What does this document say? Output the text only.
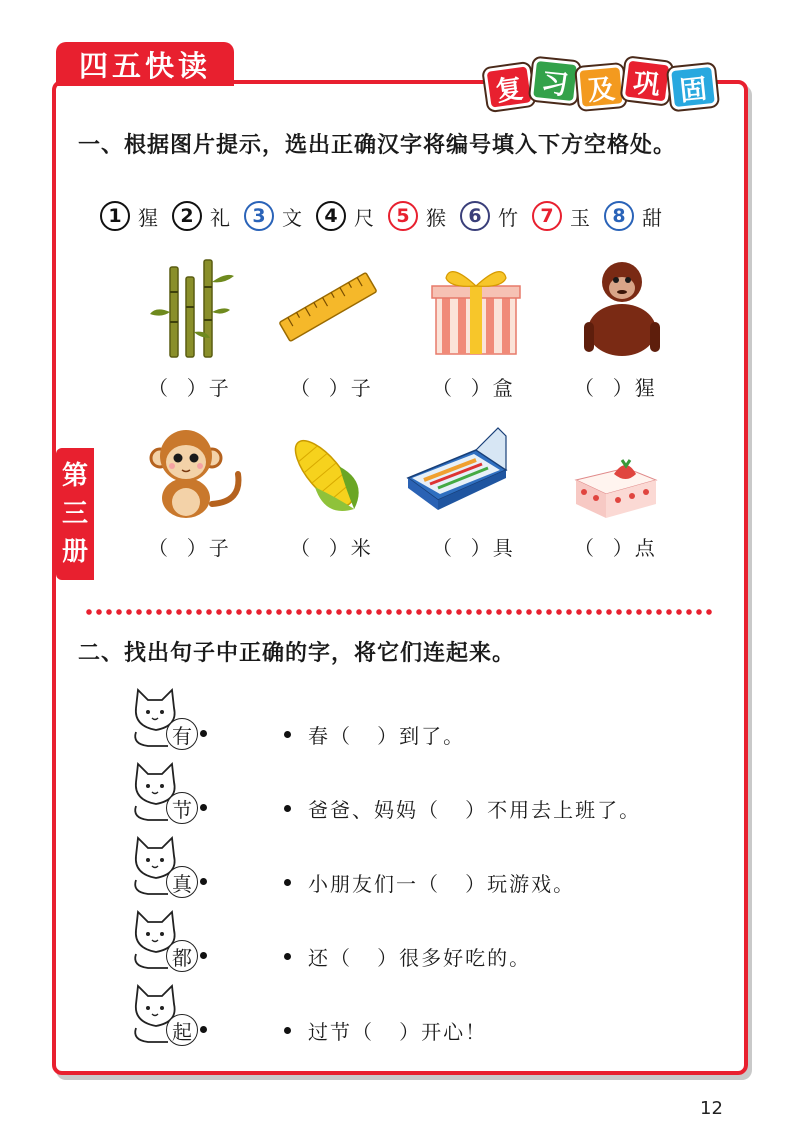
四五快读
复 习 及 巩 固
第
三
册
一、根据图片提示，选出正确汉字将编号填入下方空格处。
1 猩	2 礼	3 文	4 尺	5 猴	6 竹	7 玉	8 甜
（  ）子	（  ）子	（  ）盒	（  ）猩
（  ）子	（  ）米	（  ）具	（  ）点
二、找出句子中正确的字，将它们连起来。
有
节
真
都
起
春（   ）到了。
爸爸、妈妈（   ）不用去上班了。
小朋友们一（   ）玩游戏。
还（   ）很多好吃的。
过节（   ）开心！
12
